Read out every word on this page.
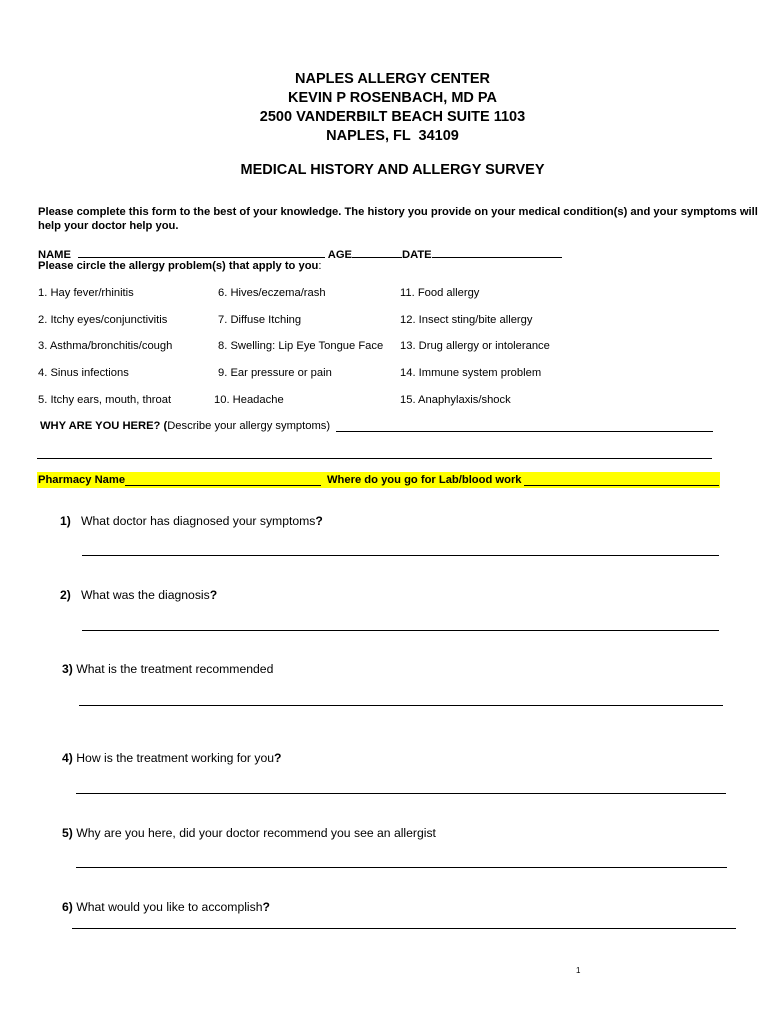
NAPLES ALLERGY CENTER
KEVIN P ROSENBACH, MD PA
2500 VANDERBILT BEACH SUITE 1103
NAPLES, FL  34109
MEDICAL HISTORY AND ALLERGY SURVEY
Please complete this form to the best of your knowledge. The history you provide on your medical condition(s) and your symptoms will help your doctor help you.
NAME	AGE	DATE
Please circle the allergy problem(s) that apply to you:
1. Hay fever/rhinitis
2. Itchy eyes/conjunctivitis
3. Asthma/bronchitis/cough
4. Sinus infections
5. Itchy ears, mouth, throat
6. Hives/eczema/rash
7. Diffuse Itching
8. Swelling: Lip Eye Tongue Face
9. Ear pressure or pain
10. Headache
11. Food allergy
12. Insect sting/bite allergy
13. Drug allergy or intolerance
14. Immune system problem
15. Anaphylaxis/shock
WHY ARE YOU HERE? (Describe your allergy symptoms)
Pharmacy Name	Where do you go for Lab/blood work
1) What doctor has diagnosed your symptoms?
2) What was the diagnosis?
3) What is the treatment recommended
4) How is the treatment working for you?
5) Why are you here, did your doctor recommend you see an allergist
6) What would you like to accomplish?
1
